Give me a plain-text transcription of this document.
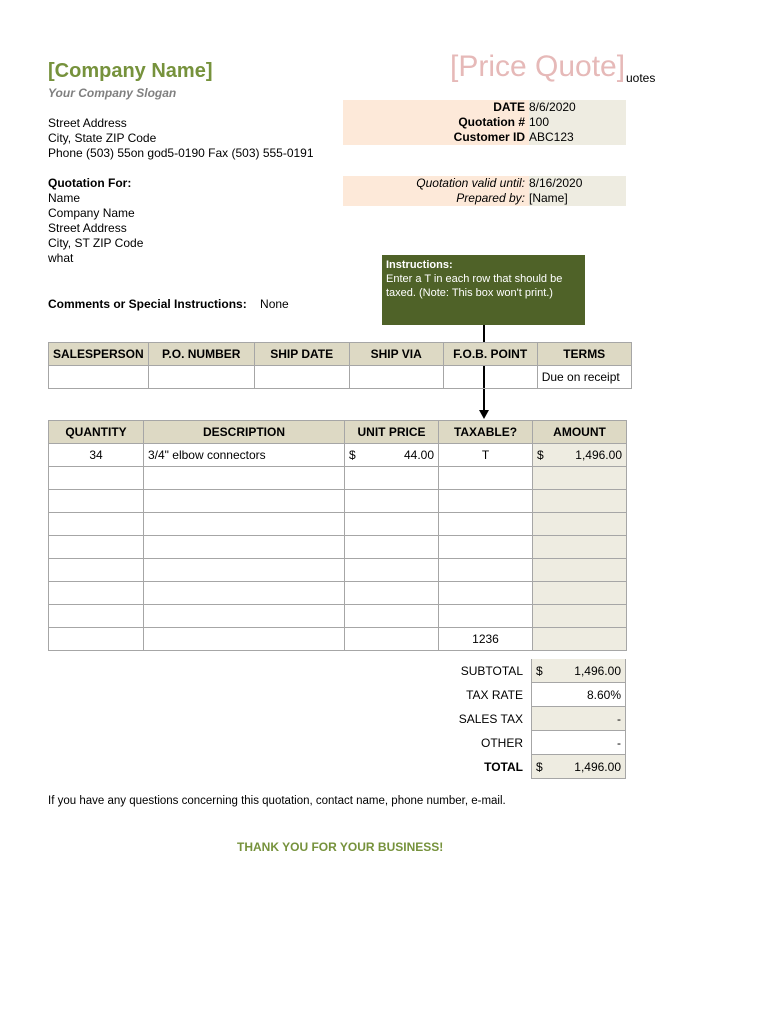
[Company Name]
Your Company Slogan
[Price Quote] uotes
Street Address
City, State ZIP Code
Phone (503) 55on god5-0190 Fax (503) 555-0191
DATE 8/6/2020
Quotation # 100
Customer ID ABC123
Quotation valid until: 8/16/2020
Prepared by: [Name]
Quotation For:
Name
Company Name
Street Address
City, ST ZIP Code
what	Instructions:
Enter a T in each row that should be taxed. (Note: This box won't print.)
Comments or Special Instructions: None
SALESPERSON	P.O. NUMBER	SHIP DATE	SHIP VIA	F.O.B. POINT	TERMS
					Due on receipt
QUANTITY	DESCRIPTION	UNIT PRICE	TAXABLE?	AMOUNT
34	3/4" elbow connectors	$ 44.00	T	$ 1,496.00

			1236	
SUBTOTAL	$	1,496.00
TAX RATE	8.60%
SALES TAX	-
OTHER	-
TOTAL	$	1,496.00
If you have any questions concerning this quotation, contact name, phone number, e-mail.
THANK YOU FOR YOUR BUSINESS!
